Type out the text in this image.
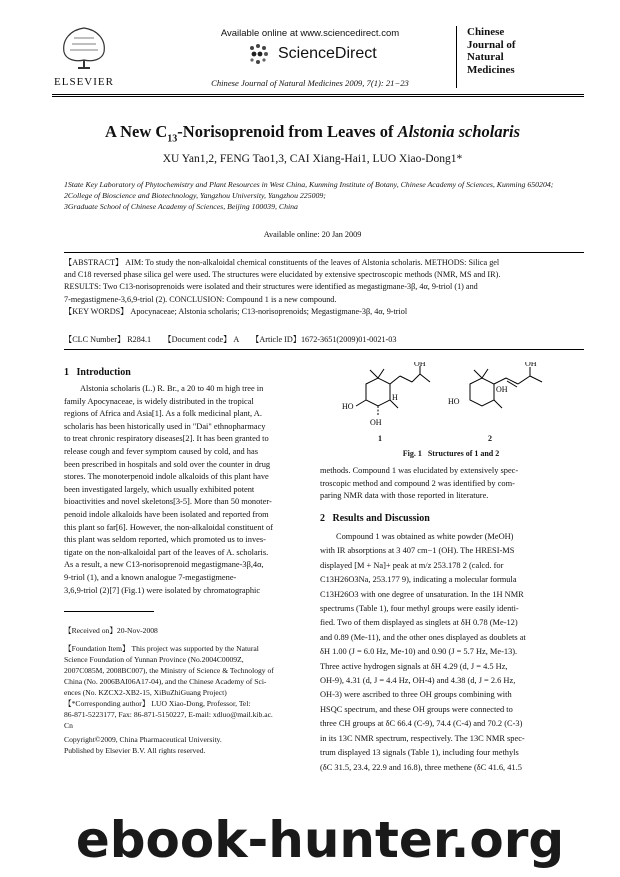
ELSEVIER
Available online at www.sciencedirect.com
ScienceDirect
Chinese Journal of Natural Medicines 2009, 7(1): 21−23
Chinese
Journal of
Natural
Medicines
A New $C_{13}$-Norisoprenoid from Leaves of Alstonia scholaris
XU Yan1,2, FENG Tao1,3, CAI Xiang-Hai1, LUO Xiao-Dong1*
1State Key Laboratory of Phytochemistry and Plant Resources in West China, Kunming Institute of Botany, Chinese Academy of Sciences, Kunming 650204;
2College of Bioscience and Biotechnology, Yangzhou University, Yangzhou 225009;
3Graduate School of Chinese Academy of Sciences, Beijing 100039, China
Available online: 20 Jan 2009
【ABSTRACT】 AIM: To study the non-alkaloidal chemical constituents of the leaves of Alstonia scholaris. METHODS: Silica gel
and C18 reversed phase silica gel were used. The structures were elucidated by extensive spectroscopic methods (NMR, MS and IR).
RESULTS: Two C13-norisoprenoids were isolated and their structures were identified as megastigmane-3β, 4α, 9-triol (1) and
7-megastigmene-3,6,9-triol (2). CONCLUSION: Compound 1 is a new compound.
【KEY WORDS】 Apocynaceae; Alstonia scholaris; C13-norisoprenoids; Megastigmane-3β, 4α, 9-triol
【CLC Number】 R284.1      【Document code】 A      【Article ID】1672-3651(2009)01-0021-03
1   Introduction
Alstonia scholaris (L.) R. Br., a 20 to 40 m high tree in
family Apocynaceae, is widely distributed in the tropical
regions of Africa and Asia[1]. As a folk medicinal plant, A.
scholaris has been historically used in "Dai" ethnopharmacy
to treat chronic respiratory diseases[2]. It has been granted to
release cough and fever symptom caused by cold, and has
been prescribed in hospitals and sold over the counter in drug
stores. The monoterpenoid indole alkaloids of this plant have
been investigated largely, which usually exhibited potent
bioactivities and novel skeletons[3-5]. More than 50 monoter-
penoid indole alkaloids have been isolated and reported from
this plant so far[6]. However, the non-alkaloidal constituent of
this plant was seldom reported, which promoted us to inves-
tigate on the non-alkaloidal part of the leaves of A. scholaris.
As a result, a new C13-norisoprenoid megastigmane-3β,4α,
9-triol (1), and a known analogue 7-megastigmene-
3,6,9-triol (2)[7] (Fig.1) were isolated by chromatographic
【Received on】20-Nov-2008
【Foundation Item】 This project was supported by the Natural
Science Foundation of Yunnan Province (No.2004C0009Z,
2007C085M, 2008BC007), the Ministry of Science & Technology of
China (No. 2006BAI06A17-04), and the Chinese Academy of Sci-
ences (No. KZCX2-XB2-15, XiBuZhiGuang Project)
【*Corresponding author】 LUO Xiao-Dong, Professor, Tel:
86-871-5223177, Fax: 86-871-5150227, E-mail: xdluo@mail.kib.ac.
Cn
Copyright©2009, China Pharmaceutical University.
Published by Elsevier B.V. All rights reserved.
OH
HO
OH
H
OH
HO
OH
1	2
Fig. 1   Structures of 1 and 2
methods. Compound 1 was elucidated by extensively spec-
troscopic method and compound 2 was identified by com-
paring NMR data with those reported in literature.
2   Results and Discussion
Compound 1 was obtained as white powder (MeOH)
with IR absorptions at 3 407 cm−1 (OH). The HRESI-MS
displayed [M + Na]+ peak at m/z 253.178 2 (calcd. for
C13H26O3Na, 253.177 9), indicating a molecular formula
C13H26O3 with one degree of unsaturation. In the 1H NMR
spectrums (Table 1), four methyl groups were easily identi-
fied. Two of them displayed as singlets at δH 0.78 (Me-12)
and 0.89 (Me-11), and the other ones displayed as doublets at
δH 1.00 (J = 6.0 Hz, Me-10) and 0.90 (J = 5.7 Hz, Me-13).
Three active hydrogen signals at δH 4.29 (d, J = 4.5 Hz,
OH-9), 4.31 (d, J = 4.4 Hz, OH-4) and 4.38 (d, J = 2.6 Hz,
OH-3) were ascribed to three OH groups combining with
HSQC spectrum, and these OH groups were connected to
three CH groups at δC 66.4 (C-9), 74.4 (C-4) and 70.2 (C-3)
in its 13C NMR spectrum, respectively. The 13C NMR spec-
trum displayed 13 signals (Table 1), including four methyls
(δC 31.5, 23.4, 22.9 and 16.8), three methene (δC 41.6, 41.5
ebook-hunter.org
